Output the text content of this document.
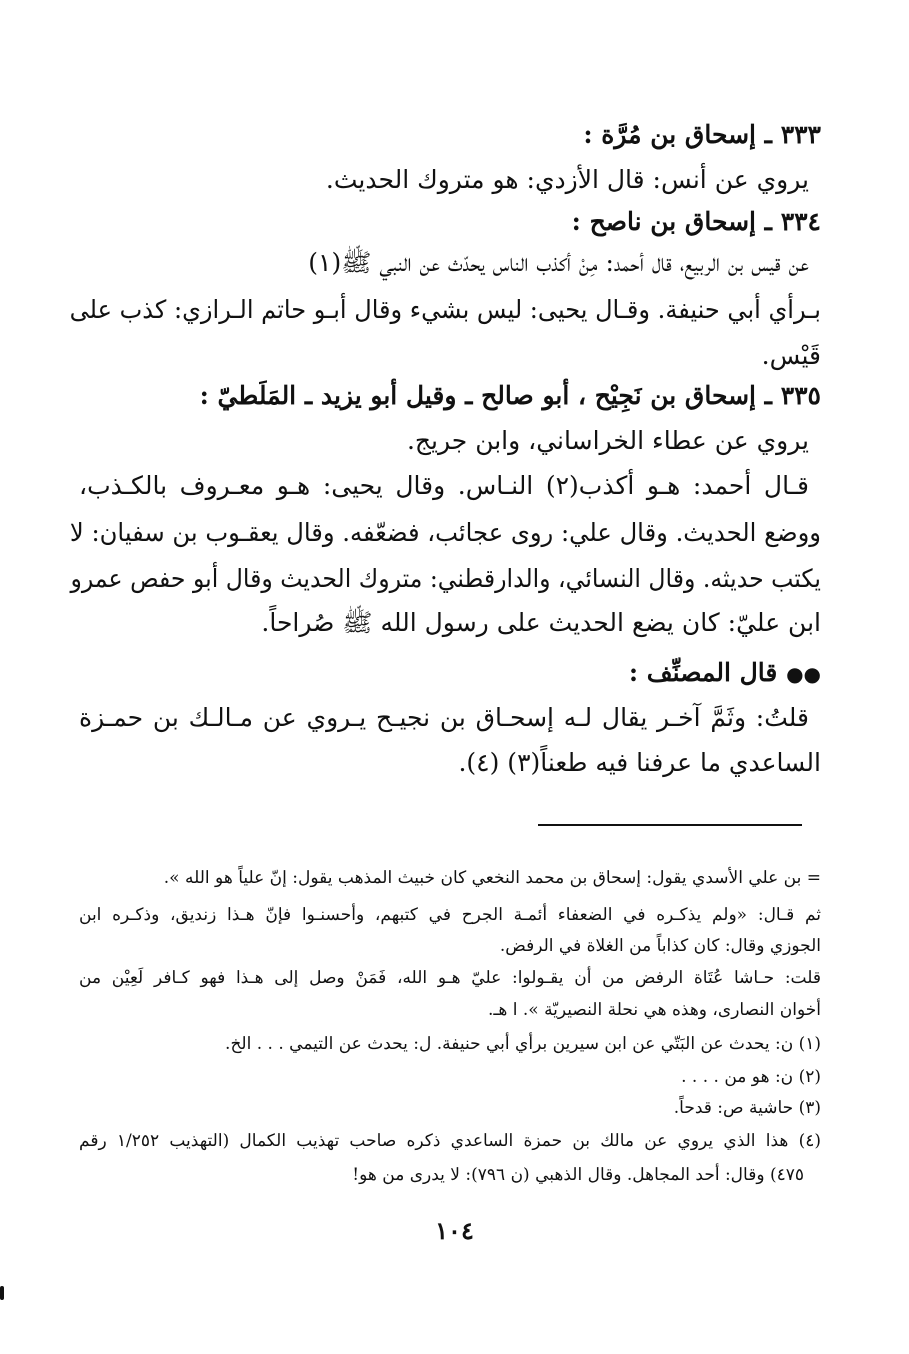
٣٣٣ ـ إسحاق بن مُرَّة :
يروي عن أنس: قال الأزدي: هو متروك الحديث.
٣٣٤ ـ إسحاق بن ناصح :
عن قيس بن الربيع، قال أحمد: مِنْ أكذب الناس يحدّث عن النبي ﷺ(١)
بـرأي أبي حنيفة. وقـال يحيى: ليس بشيء وقال أبـو حاتم الـرازي: كذب على
قَيْس.
٣٣٥ ـ إسحاق بن نَجِيْح ، أبو صالح ـ وقيل أبو يزيد ـ المَلَطيّ :
يروي عن عطاء الخراساني، وابن جريج.
قـال أحمد: هـو أكذب(٢) النـاس. وقال يحيى: هـو معـروف بالكـذب،
ووضع الحديث. وقال علي: روى عجائب، فضعّفه. وقال يعقـوب بن سفيان: لا
يكتب حديثه. وقال النسائي، والدارقطني: متروك الحديث وقال أبو حفص عمرو
ابن عليّ: كان يضع الحديث على رسول الله ﷺ صُراحاً.
●● قال المصنِّف :
قلتُ: وثَمَّ آخـر يقال لـه إسحـاق بن نجيـح يـروي عن مـالـك بن حمـزة
الساعدي ما عرفنا فيه طعناً(٣) (٤).
= بن علي الأسدي يقول: إسحاق بن محمد النخعي كان خبيث المذهب يقول: إنّ علياً هو الله ».
ثم قـال: «ولم يذكـره في الضعفاء أئمـة الجرح في كتبهم، وأحسنـوا فإنّ هـذا زنديق، وذكـره ابن
الجوزي وقال: كان كذاباً من الغلاة في الرفض.
قلت: حـاشا عُتَاة الرفض من أن يقـولوا: عليّ هـو الله، فَمَنْ وصل إلى هـذا فهو كـافر لَعِيْن من
أخوان النصارى، وهذه هي نحلة النصيريّة ». ا هـ.
(١) ن: يحدث عن البَتّي عن ابن سيرين برأي أبي حنيفة. ل: يحدث عن التيمي . . . الخ.
(٢) ن: هو من . . . .
(٣) حاشية ص: قدحاً.
(٤) هذا الذي يروي عن مالك بن حمزة الساعدي ذكره صاحب تهذيب الكمال (التهذيب ١/٢٥٢ رقم
٤٧٥) وقال: أحد المجاهل. وقال الذهبي (ن ٧٩٦): لا يدرى من هو!
١٠٤
